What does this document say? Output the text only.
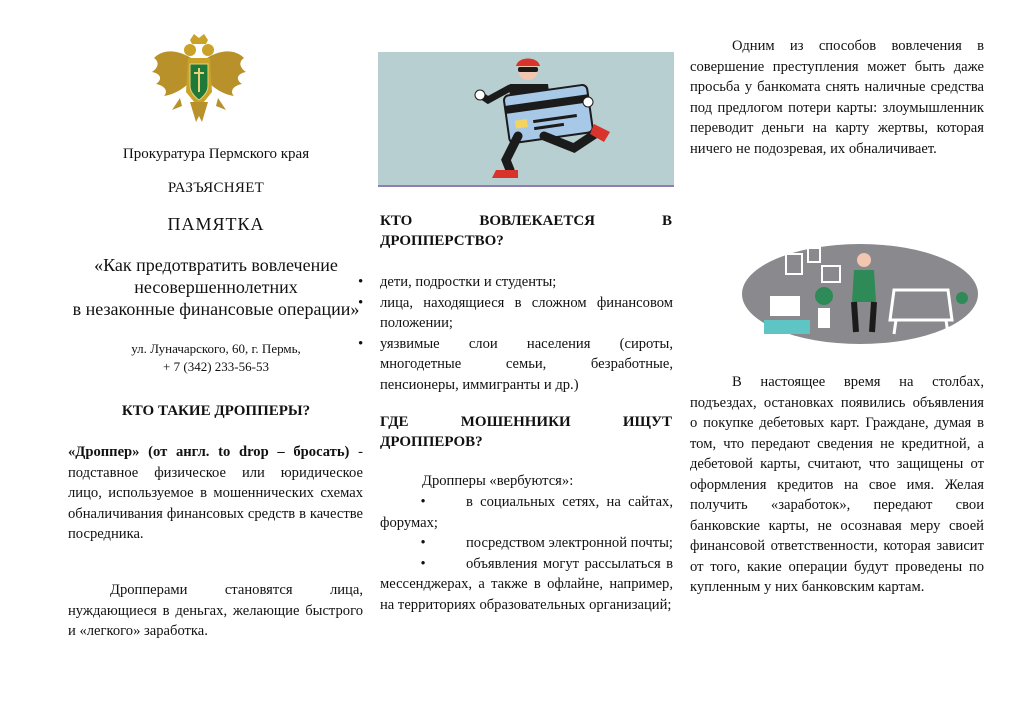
Прокуратура Пермского края
РАЗЪЯСНЯЕТ
ПАМЯТКА
«Как предотвратить вовлечение
несовершеннолетних
в незаконные финансовые операции»
ул. Луначарского, 60, г. Пермь,
+ 7 (342) 233-56-53
КТО ТАКИЕ ДРОППЕРЫ?
«Дроппер» (от англ. to drop – бросать) - подставное физическое или юридическое лицо, используемое в мошеннических схемах обналичивания финансовых средств в качестве посредника.
Дропперами становятся лица, нуждающиеся в деньгах, желающие быстрого и «легкого» заработка.
КТО	ВОВЛЕКАЕТСЯ	В
ДРОППЕРСТВО?
• дети, подростки и студенты;
• лица, находящиеся в сложном финансовом положении;
• уязвимые слои населения (сироты, многодетные семьи, безработные, пенсионеры, иммигранты и др.)
ГДЕ	МОШЕННИКИ	ИЩУТ
ДРОППЕРОВ?
Дропперы «вербуются»:
•	в социальных сетях, на сайтах, форумах;
•	посредством электронной почты;
•	объявления могут рассылаться в мессенджерах, а также в офлайне, например, на территориях образовательных организаций;
Одним из способов вовлечения в совершение преступления может быть даже просьба у банкомата снять наличные средства под предлогом потери карты: злоумышленник переводит деньги на карту жертвы, которая ничего не подозревая, их обналичивает.
В настоящее время на столбах, подъездах, остановках появились объявления о покупке дебетовых карт. Граждане, думая в том, что передают сведения не кредитной, а дебетовой карты, считают, что защищены от оформления кредитов на свое имя. Желая получить «заработок», передают свои банковские карты, не осознавая меру своей финансовой ответственности, которая зависит от того, какие операции будут проведены по купленным у них банковским картам.
